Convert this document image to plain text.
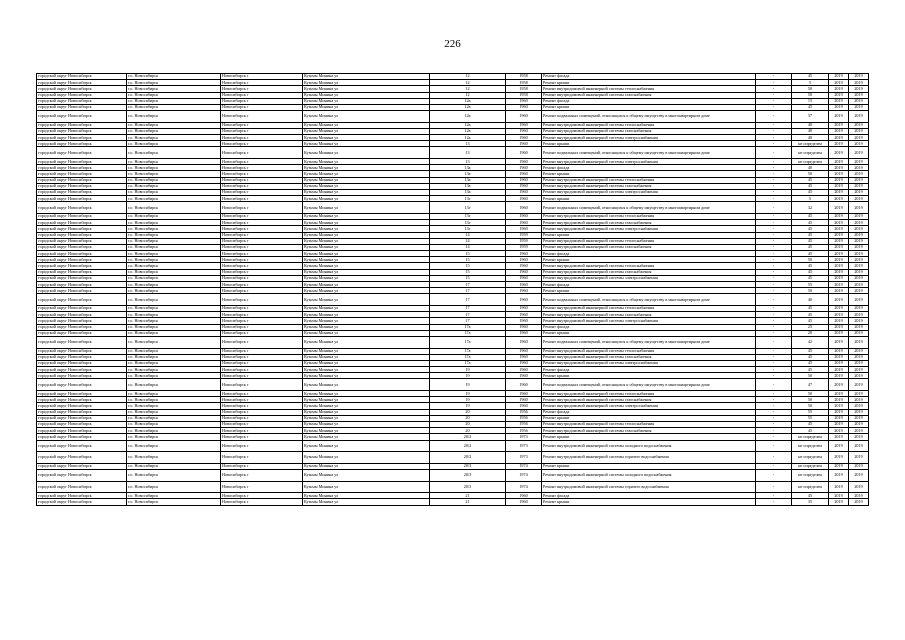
226
городской округ Новосибирск	г.о. Новосибирск	Новосибирск г	Кузьмы Минина ул	12	1958	Ремонт фасада	-	45	2019	2019
городской округ Новосибирск	г.о. Новосибирск	Новосибирск г	Кузьмы Минина ул	12	1958	Ремонт крыши	-	5	2019	2019
городской округ Новосибирск	г.о. Новосибирск	Новосибирск г	Кузьмы Минина ул	12	1958	Ремонт внутридомовой инженерной системы теплоснабжения	-	50	2019	2019
городской округ Новосибирск	г.о. Новосибирск	Новосибирск г	Кузьмы Минина ул	12	1958	Ремонт внутридомовой инженерной системы газоснабжения	-	50	2019	2019
городской округ Новосибирск	г.о. Новосибирск	Новосибирск г	Кузьмы Минина ул	12а	1960	Ремонт фасада	-	15	2019	2019
городской округ Новосибирск	г.о. Новосибирск	Новосибирск г	Кузьмы Минина ул	12а	1960	Ремонт крыши	-	45	2019	2019
городской округ Новосибирск	г.о. Новосибирск	Новосибирск г	Кузьмы Минина ул	12а	1960	Ремонт подвальных помещений, относящихся к общему имуществу в многоквартирном доме	-	37	2019	2019
городской округ Новосибирск	г.о. Новосибирск	Новосибирск г	Кузьмы Минина ул	12а	1960	Ремонт внутридомовой инженерной системы теплоснабжения	-	40	2019	2019
городской округ Новосибирск	г.о. Новосибирск	Новосибирск г	Кузьмы Минина ул	12а	1960	Ремонт внутридомовой инженерной системы газоснабжения	-	40	2019	2019
городской округ Новосибирск	г.о. Новосибирск	Новосибирск г	Кузьмы Минина ул	12а	1960	Ремонт внутридомовой инженерной системы электроснабжения	-	40	2019	2019
городской округ Новосибирск	г.о. Новосибирск	Новосибирск г	Кузьмы Минина ул	13	1960	Ремонт крыши	-	не определен	2019	2019
городской округ Новосибирск	г.о. Новосибирск	Новосибирск г	Кузьмы Минина ул	13	1960	Ремонт подвальных помещений, относящихся к общему имуществу в многоквартирном доме	-	не определен	2019	2019
городской округ Новосибирск	г.о. Новосибирск	Новосибирск г	Кузьмы Минина ул	13	1960	Ремонт внутридомовой инженерной системы электроснабжения	-	не определен	2019	2019
городской округ Новосибирск	г.о. Новосибирск	Новосибирск г	Кузьмы Минина ул	13а	1960	Ремонт фасада	-	40	2019	2019
городской округ Новосибирск	г.о. Новосибирск	Новосибирск г	Кузьмы Минина ул	13а	1960	Ремонт крыши	-	50	2019	2019
городской округ Новосибирск	г.о. Новосибирск	Новосибирск г	Кузьмы Минина ул	13а	1960	Ремонт внутридомовой инженерной системы теплоснабжения	-	45	2019	2019
городской округ Новосибирск	г.о. Новосибирск	Новосибирск г	Кузьмы Минина ул	13а	1960	Ремонт внутридомовой инженерной системы газоснабжения	-	45	2019	2019
городской округ Новосибирск	г.о. Новосибирск	Новосибирск г	Кузьмы Минина ул	13а	1960	Ремонт внутридомовой инженерной системы электроснабжения	-	45	2019	2019
городской округ Новосибирск	г.о. Новосибирск	Новосибирск г	Кузьмы Минина ул	13г	1960	Ремонт крыши	-	5	2019	2019
городской округ Новосибирск	г.о. Новосибирск	Новосибирск г	Кузьмы Минина ул	13г	1960	Ремонт подвальных помещений, относящихся к общему имуществу в многоквартирном доме	-	32	2019	2019
городской округ Новосибирск	г.о. Новосибирск	Новосибирск г	Кузьмы Минина ул	13г	1960	Ремонт внутридомовой инженерной системы теплоснабжения	-	45	2019	2019
городской округ Новосибирск	г.о. Новосибирск	Новосибирск г	Кузьмы Минина ул	13г	1960	Ремонт внутридомовой инженерной системы газоснабжения	-	45	2019	2019
городской округ Новосибирск	г.о. Новосибирск	Новосибирск г	Кузьмы Минина ул	13г	1960	Ремонт внутридомовой инженерной системы электроснабжения	-	45	2019	2019
городской округ Новосибирск	г.о. Новосибирск	Новосибирск г	Кузьмы Минина ул	14	1959	Ремонт крыши	-	45	2019	2019
городской округ Новосибирск	г.о. Новосибирск	Новосибирск г	Кузьмы Минина ул	14	1959	Ремонт внутридомовой инженерной системы теплоснабжения	-	45	2019	2019
городской округ Новосибирск	г.о. Новосибирск	Новосибирск г	Кузьмы Минина ул	14	1959	Ремонт внутридомовой инженерной системы газоснабжения	-	45	2019	2019
городской округ Новосибирск	г.о. Новосибирск	Новосибирск г	Кузьмы Минина ул	15	1960	Ремонт фасада	-	45	2019	2019
городской округ Новосибирск	г.о. Новосибирск	Новосибирск г	Кузьмы Минина ул	15	1960	Ремонт крыши	-	50	2019	2019
городской округ Новосибирск	г.о. Новосибирск	Новосибирск г	Кузьмы Минина ул	15	1960	Ремонт внутридомовой инженерной системы теплоснабжения	-	45	2019	2019
городской округ Новосибирск	г.о. Новосибирск	Новосибирск г	Кузьмы Минина ул	15	1960	Ремонт внутридомовой инженерной системы газоснабжения	-	45	2019	2019
городской округ Новосибирск	г.о. Новосибирск	Новосибирск г	Кузьмы Минина ул	15	1960	Ремонт внутридомовой инженерной системы электроснабжения	-	45	2019	2019
городской округ Новосибирск	г.о. Новосибирск	Новосибирск г	Кузьмы Минина ул	17	1960	Ремонт фасада	-	55	2019	2019
городской округ Новосибирск	г.о. Новосибирск	Новосибирск г	Кузьмы Минина ул	17	1960	Ремонт крыши	-	50	2019	2019
городской округ Новосибирск	г.о. Новосибирск	Новосибирск г	Кузьмы Минина ул	17	1960	Ремонт подвальных помещений, относящихся к общему имуществу в многоквартирном доме	-	40	2019	2019
городской округ Новосибирск	г.о. Новосибирск	Новосибирск г	Кузьмы Минина ул	17	1960	Ремонт внутридомовой инженерной системы теплоснабжения	-	45	2019	2019
городской округ Новосибирск	г.о. Новосибирск	Новосибирск г	Кузьмы Минина ул	17	1960	Ремонт внутридомовой инженерной системы газоснабжения	-	45	2019	2019
городской округ Новосибирск	г.о. Новосибирск	Новосибирск г	Кузьмы Минина ул	17	1960	Ремонт внутридомовой инженерной системы электроснабжения	-	45	2019	2019
городской округ Новосибирск	г.о. Новосибирск	Новосибирск г	Кузьмы Минина ул	17а	1960	Ремонт фасада	-	25	2019	2019
городской округ Новосибирск	г.о. Новосибирск	Новосибирск г	Кузьмы Минина ул	17а	1960	Ремонт крыши	-	20	2019	2019
городской округ Новосибирск	г.о. Новосибирск	Новосибирск г	Кузьмы Минина ул	17а	1960	Ремонт подвальных помещений, относящихся к общему имуществу в многоквартирном доме	-	42	2019	2019
городской округ Новосибирск	г.о. Новосибирск	Новосибирск г	Кузьмы Минина ул	17а	1960	Ремонт внутридомовой инженерной системы теплоснабжения	-	45	2019	2019
городской округ Новосибирск	г.о. Новосибирск	Новосибирск г	Кузьмы Минина ул	17а	1960	Ремонт внутридомовой инженерной системы газоснабжения	-	45	2019	2019
городской округ Новосибирск	г.о. Новосибирск	Новосибирск г	Кузьмы Минина ул	17а	1960	Ремонт внутридомовой инженерной системы электроснабжения	-	45	2019	2019
городской округ Новосибирск	г.о. Новосибирск	Новосибирск г	Кузьмы Минина ул	19	1960	Ремонт фасада	-	45	2019	2019
городской округ Новосибирск	г.о. Новосибирск	Новосибирск г	Кузьмы Минина ул	19	1960	Ремонт крыши	-	50	2019	2019
городской округ Новосибирск	г.о. Новосибирск	Новосибирск г	Кузьмы Минина ул	19	1960	Ремонт подвальных помещений, относящихся к общему имуществу в многоквартирном доме	-	47	2019	2019
городской округ Новосибирск	г.о. Новосибирск	Новосибирск г	Кузьмы Минина ул	19	1960	Ремонт внутридомовой инженерной системы теплоснабжения	-	50	2019	2019
городской округ Новосибирск	г.о. Новосибирск	Новосибирск г	Кузьмы Минина ул	19	1960	Ремонт внутридомовой инженерной системы газоснабжения	-	50	2019	2019
городской округ Новосибирск	г.о. Новосибирск	Новосибирск г	Кузьмы Минина ул	19	1960	Ремонт внутридомовой инженерной системы электроснабжения	-	50	2019	2019
городской округ Новосибирск	г.о. Новосибирск	Новосибирск г	Кузьмы Минина ул	20	1956	Ремонт фасада	-	55	2019	2019
городской округ Новосибирск	г.о. Новосибирск	Новосибирск г	Кузьмы Минина ул	20	1956	Ремонт крыши	-	55	2019	2019
городской округ Новосибирск	г.о. Новосибирск	Новосибирск г	Кузьмы Минина ул	20	1956	Ремонт внутридомовой инженерной системы теплоснабжения	-	45	2019	2019
городской округ Новосибирск	г.о. Новосибирск	Новосибирск г	Кузьмы Минина ул	20	1956	Ремонт внутридомовой инженерной системы газоснабжения	-	45	2019	2019
городской округ Новосибирск	г.о. Новосибирск	Новосибирск г	Кузьмы Минина ул	20/2	1973	Ремонт крыши	-	не определен	2019	2019
городской округ Новосибирск	г.о. Новосибирск	Новосибирск г	Кузьмы Минина ул	20/2	1973	Ремонт внутридомовой инженерной системы холодного водоснабжения	-	не определен	2019	2019
городской округ Новосибирск	г.о. Новосибирск	Новосибирск г	Кузьмы Минина ул	20/2	1973	Ремонт внутридомовой инженерной системы горячего водоснабжения	-	не определен	2019	2019
городской округ Новосибирск	г.о. Новосибирск	Новосибирск г	Кузьмы Минина ул	20/3	1974	Ремонт крыши	-	не определен	2019	2019
городской округ Новосибирск	г.о. Новосибирск	Новосибирск г	Кузьмы Минина ул	20/3	1974	Ремонт внутридомовой инженерной системы холодного водоснабжения	-	не определен	2019	2019
городской округ Новосибирск	г.о. Новосибирск	Новосибирск г	Кузьмы Минина ул	20/3	1974	Ремонт внутридомовой инженерной системы горячего водоснабжения	-	не определен	2019	2019
городской округ Новосибирск	г.о. Новосибирск	Новосибирск г	Кузьмы Минина ул	21	1960	Ремонт фасада	-	45	2019	2019
городской округ Новосибирск	г.о. Новосибирск	Новосибирск г	Кузьмы Минина ул	21	1960	Ремонт крыши	-	35	2019	2019
